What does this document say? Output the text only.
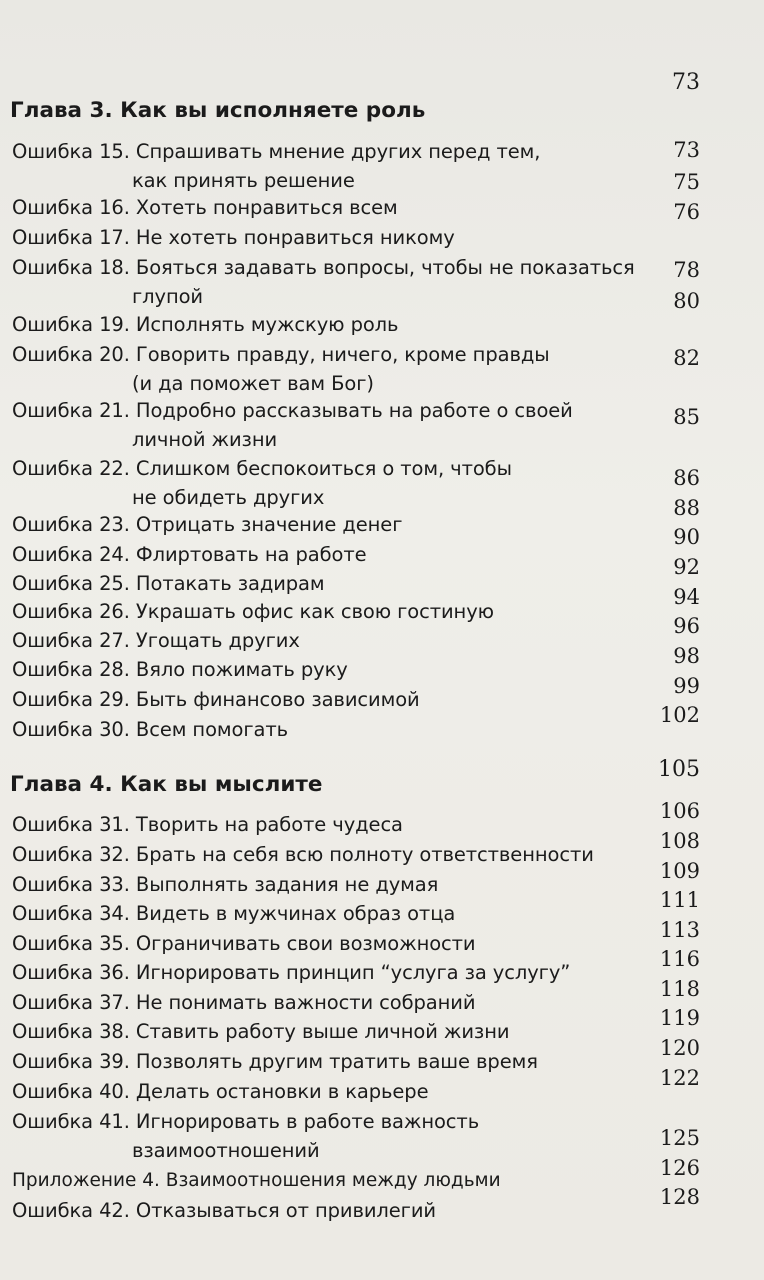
Глава 3. Как вы исполняете роль
73
Ошибка 15. Спрашивать мнение других перед тем,
как принять решение
73
Ошибка 16. Хотеть понравиться всем
75
Ошибка 17. Не хотеть понравиться никому
76
Ошибка 18. Бояться задавать вопросы, чтобы не показаться
глупой
78
Ошибка 19. Исполнять мужскую роль
80
Ошибка 20. Говорить правду, ничего, кроме правды
(и да поможет вам Бог)
82
Ошибка 21. Подробно рассказывать на работе о своей
личной жизни
85
Ошибка 22. Слишком беспокоиться о том, чтобы
не обидеть других
86
Ошибка 23. Отрицать значение денег
88
Ошибка 24. Флиртовать на работе
90
Ошибка 25. Потакать задирам
92
Ошибка 26. Украшать офис как свою гостиную
94
Ошибка 27. Угощать других
96
Ошибка 28. Вяло пожимать руку
98
Ошибка 29. Быть финансово зависимой
99
Ошибка 30. Всем помогать
102
Глава 4. Как вы мыслите
105
Ошибка 31. Творить на работе чудеса
106
Ошибка 32. Брать на себя всю полноту ответственности
108
Ошибка 33. Выполнять задания не думая
109
Ошибка 34. Видеть в мужчинах образ отца
111
Ошибка 35. Ограничивать свои возможности
113
Ошибка 36. Игнорировать принцип “услуга за услугу”
116
Ошибка 37. Не понимать важности собраний
118
Ошибка 38. Ставить работу выше личной жизни
119
Ошибка 39. Позволять другим тратить ваше время
120
Ошибка 40. Делать остановки в карьере
122
Ошибка 41. Игнорировать в работе важность
взаимоотношений	125
Приложение 4. Взаимоотношения между людьми
126
Ошибка 42. Отказываться от привилегий
128
